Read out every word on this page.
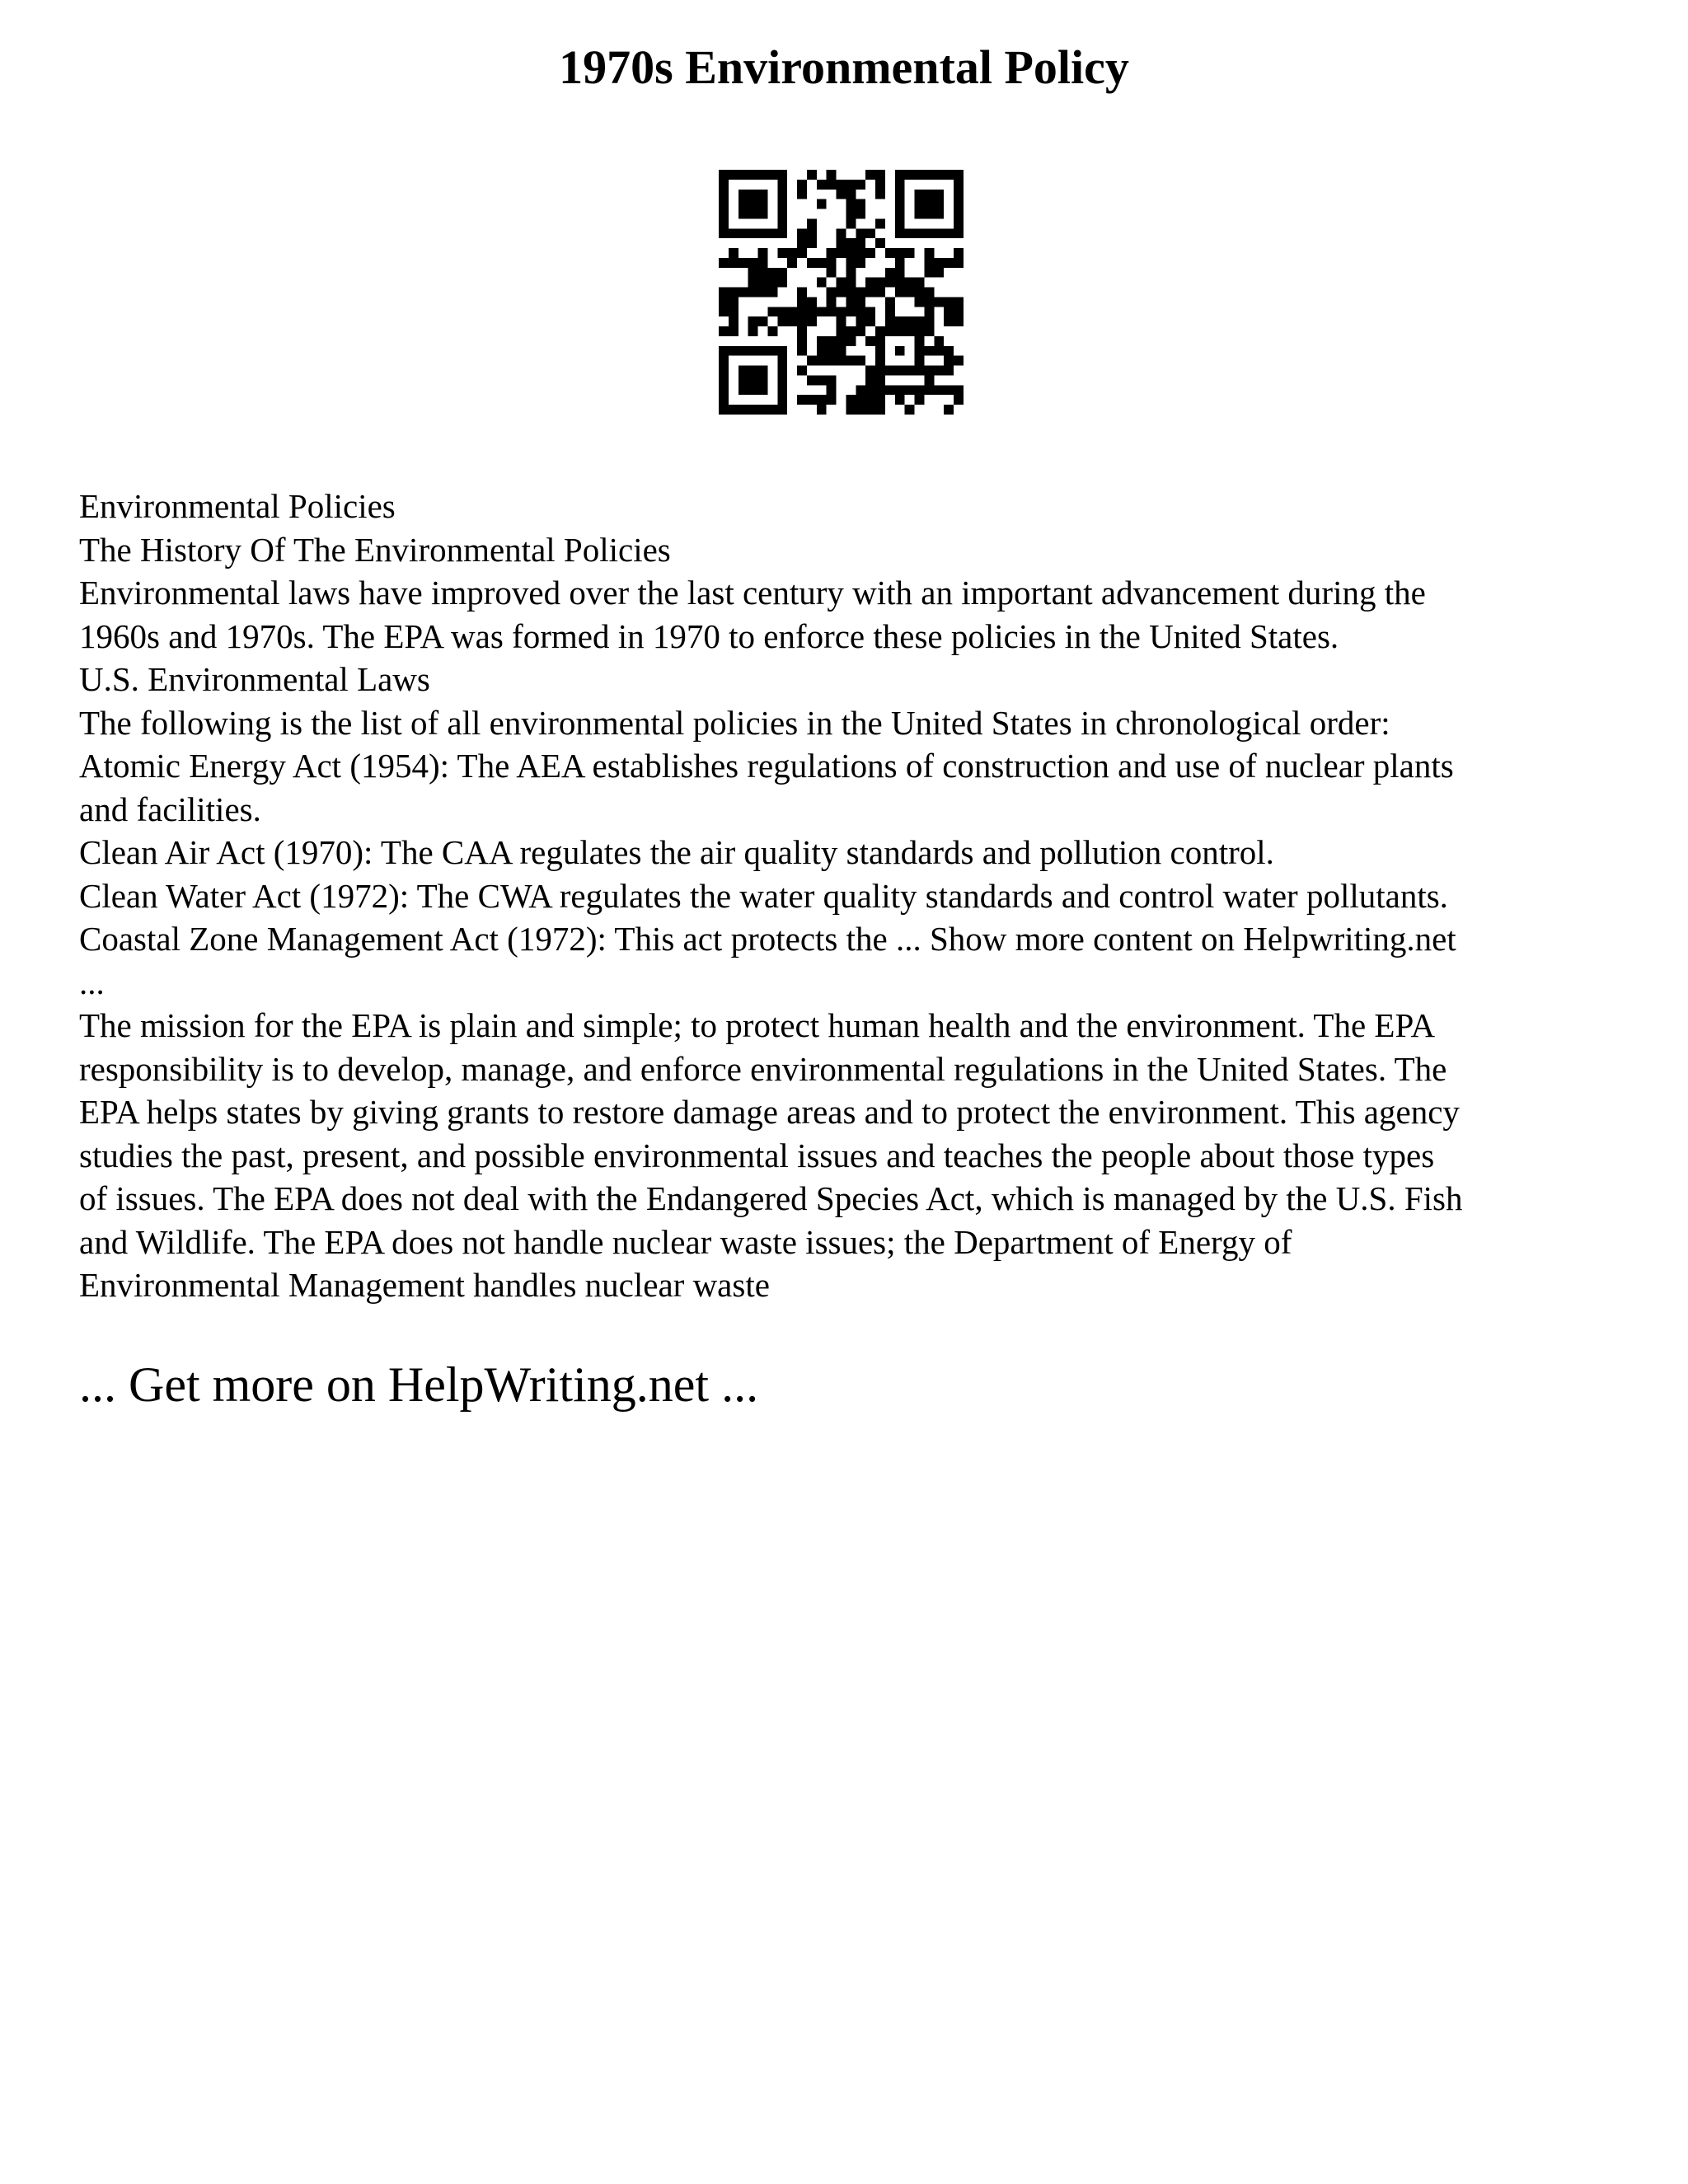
1970s Environmental Policy
Environmental Policies
The History Of The Environmental Policies
Environmental laws have improved over the last century with an important advancement during the
1960s and 1970s. The EPA was formed in 1970 to enforce these policies in the United States.
U.S. Environmental Laws
The following is the list of all environmental policies in the United States in chronological order:
Atomic Energy Act (1954): The AEA establishes regulations of construction and use of nuclear plants
and facilities.
Clean Air Act (1970): The CAA regulates the air quality standards and pollution control.
Clean Water Act (1972): The CWA regulates the water quality standards and control water pollutants.
Coastal Zone Management Act (1972): This act protects the ... Show more content on Helpwriting.net
...
The mission for the EPA is plain and simple; to protect human health and the environment. The EPA
responsibility is to develop, manage, and enforce environmental regulations in the United States. The
EPA helps states by giving grants to restore damage areas and to protect the environment. This agency
studies the past, present, and possible environmental issues and teaches the people about those types
of issues. The EPA does not deal with the Endangered Species Act, which is managed by the U.S. Fish
and Wildlife. The EPA does not handle nuclear waste issues; the Department of Energy of
Environmental Management handles nuclear waste
... Get more on HelpWriting.net ...
